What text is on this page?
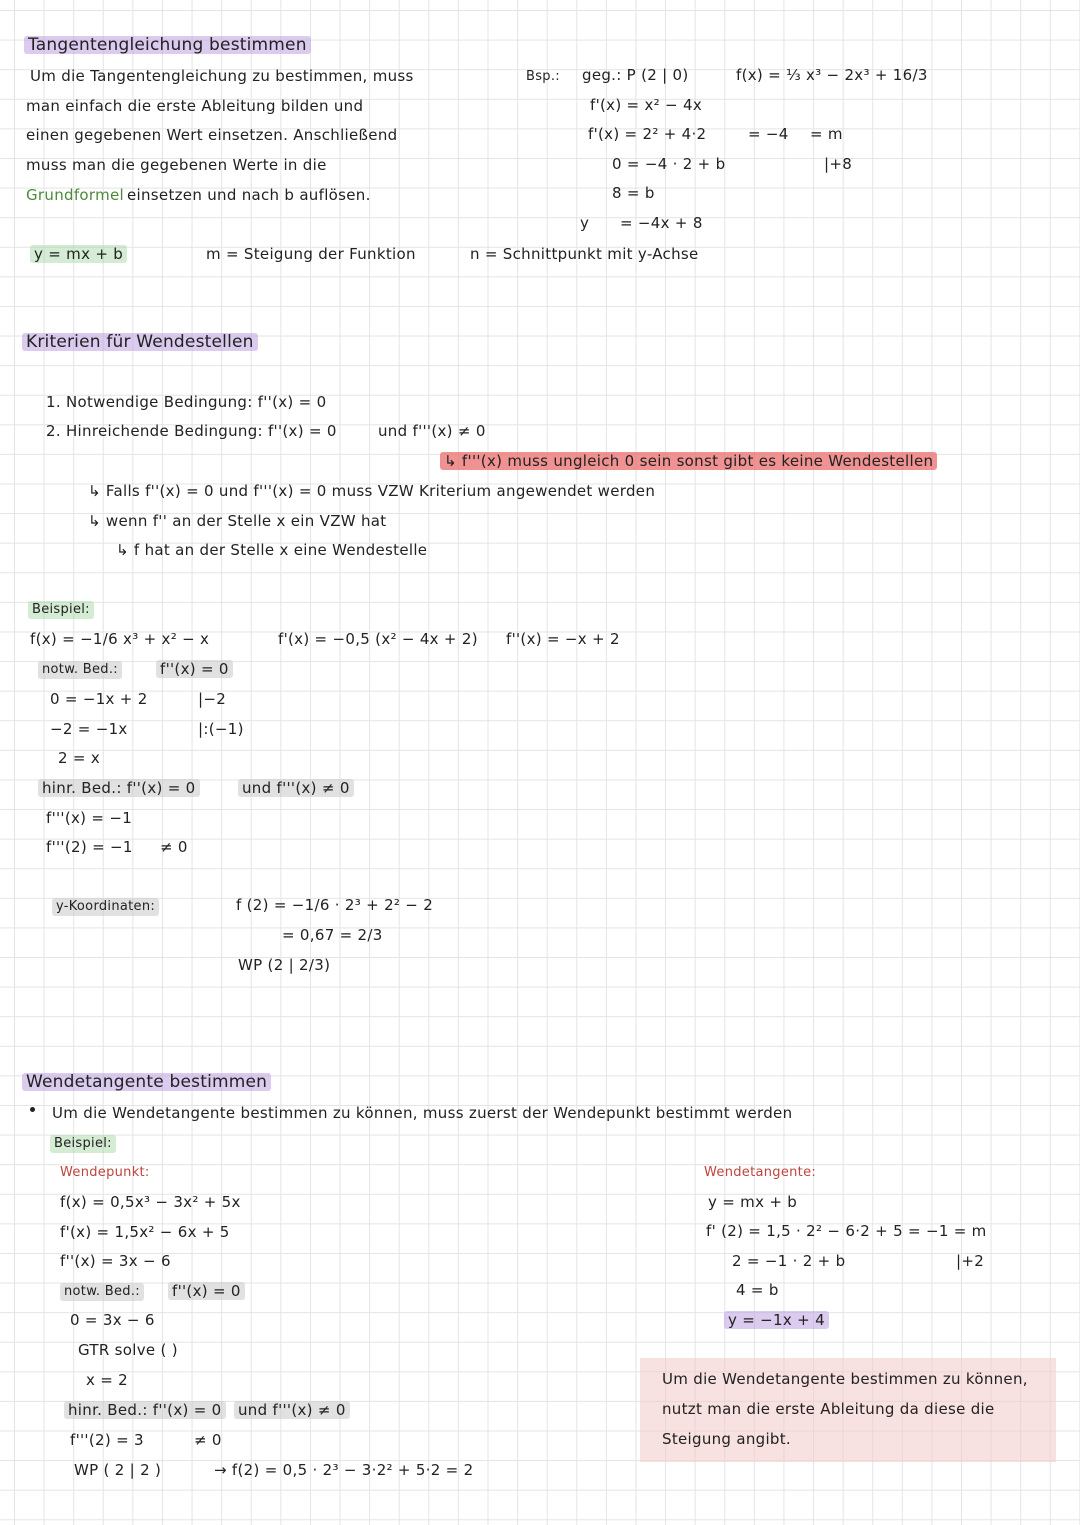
Tangentengleichung bestimmen
Um die Tangentengleichung zu bestimmen, muss
man einfach die erste Ableitung bilden und
einen gegebenen Wert einsetzen. Anschließend
muss man die gegebenen Werte in die
Grundformel einsetzen und nach b auflösen.
y = mx + b	m = Steigung der Funktion	n = Schnittpunkt mit y-Achse
Bsp.: geg.: P (2 | 0)	f(x) = ⅓ x³ − 2x³ + 16/3
f'(x) = x² − 4x
f'(x) = 2² + 4·2	= −4 = m
0 = −4 · 2 + b	|+8
8 = b
y = −4x + 8
Kriterien für Wendestellen
1. Notwendige Bedingung: f''(x) = 0
2. Hinreichende Bedingung: f''(x) = 0	und f'''(x) ≠ 0
↳ f'''(x) muss ungleich 0 sein sonst gibt es keine Wendestellen
↳ Falls f''(x) = 0 und f'''(x) = 0 muss VZW Kriterium angewendet werden
↳ wenn f'' an der Stelle x ein VZW hat
↳ f hat an der Stelle x eine Wendestelle
Beispiel:
f(x) = −1/6 x³ + x² − x	f'(x) = −0,5 (x² − 4x + 2) f''(x) = −x + 2
notw. Bed.:	f''(x) = 0
0 = −1x + 2	|−2
−2 = −1x	|:(−1)
2 = x
hinr. Bed.: f''(x) = 0	und f'''(x) ≠ 0
f'''(x) = −1
f'''(2) = −1 ≠ 0
y-Koordinaten:	f (2) = −1/6 · 2³ + 2² − 2
= 0,67 = 2/3
WP (2 | 2/3)
Wendetangente bestimmen
Um die Wendetangente bestimmen zu können, muss zuerst der Wendepunkt bestimmt werden
Beispiel:
Wendepunkt:
f(x) = 0,5x³ − 3x² + 5x
f'(x) = 1,5x² − 6x + 5
f''(x) = 3x − 6
notw. Bed.: f''(x) = 0
0 = 3x − 6
GTR solve ( )
x = 2
hinr. Bed.: f''(x) = 0 und f'''(x) ≠ 0
f'''(2) = 3	≠ 0
WP ( 2 | 2 )	→ f(2) = 0,5 · 2³ − 3·2² + 5·2 = 2
Wendetangente:
y = mx + b
f' (2) = 1,5 · 2² − 6·2 + 5 = −1 = m
2 = −1 · 2 + b	|+2
4 = b
y = −1x + 4
Um die Wendetangente bestimmen zu können,
nutzt man die erste Ableitung da diese die
Steigung angibt.
